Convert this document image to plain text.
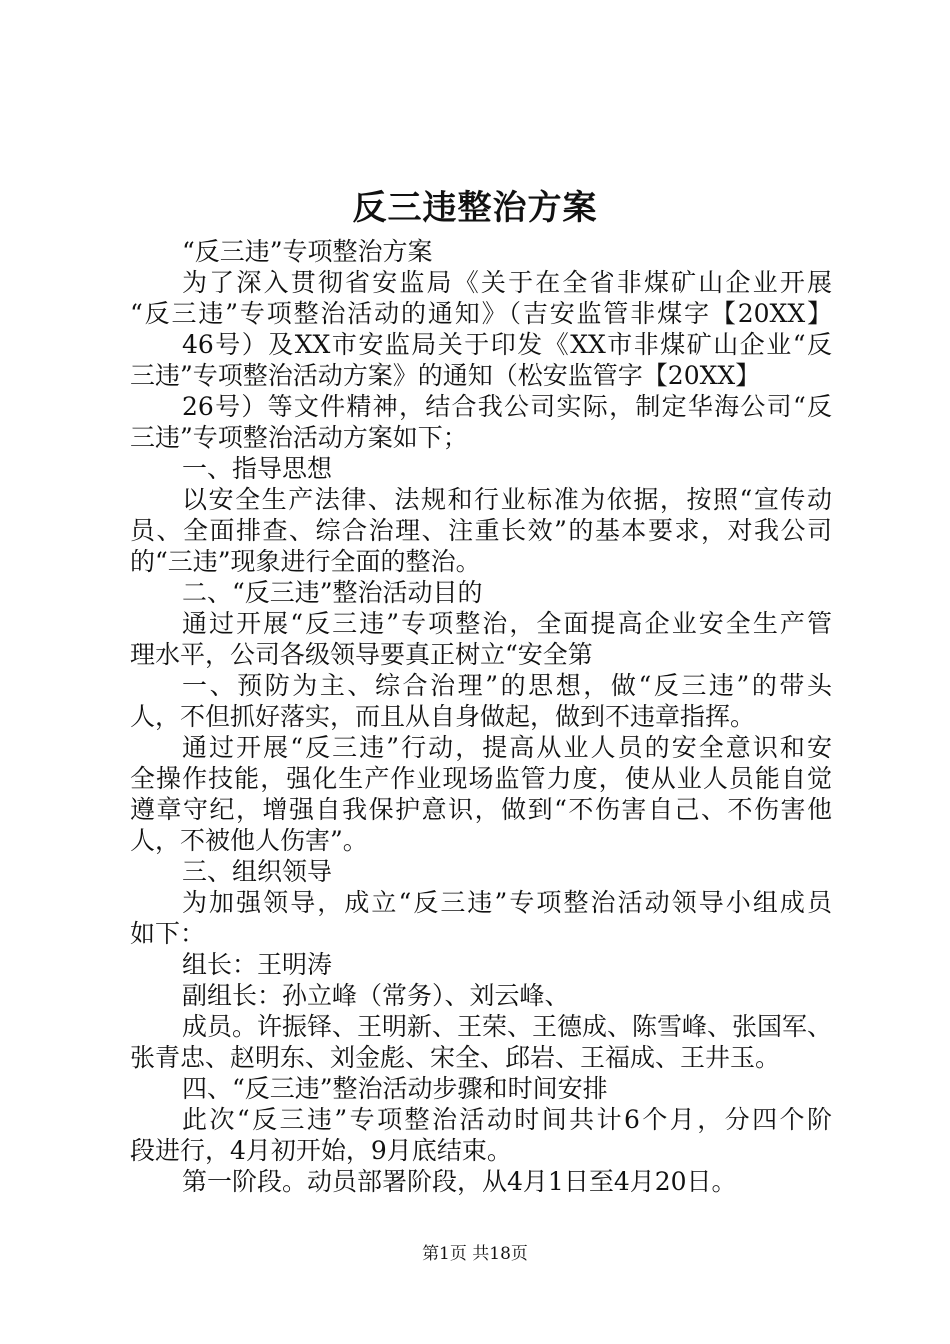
反三违整治方案
“反三违”专项整治方案
为了深入贯彻省安监局《关于在全省非煤矿山企业开展
“反三违”专项整治活动的通知》（吉安监管非煤字【20XX】
46号）及XX市安监局关于印发《XX市非煤矿山企业“反
三违”专项整治活动方案》的通知（松安监管字【20XX】
26号）等文件精神，结合我公司实际，制定华海公司“反
三违”专项整治活动方案如下；
一、指导思想
以安全生产法律、法规和行业标准为依据，按照“宣传动
员、全面排查、综合治理、注重长效”的基本要求，对我公司
的“三违”现象进行全面的整治。
二、“反三违”整治活动目的
通过开展“反三违”专项整治，全面提高企业安全生产管
理水平，公司各级领导要真正树立“安全第
一、预防为主、综合治理”的思想，做“反三违”的带头
人，不但抓好落实，而且从自身做起，做到不违章指挥。
通过开展“反三违”行动，提高从业人员的安全意识和安
全操作技能，强化生产作业现场监管力度，使从业人员能自觉
遵章守纪，增强自我保护意识，做到“不伤害自己、不伤害他
人，不被他人伤害”。
三、组织领导
为加强领导，成立“反三违”专项整治活动领导小组成员
如下：
组长：王明涛
副组长：孙立峰（常务）、刘云峰、
成员。许振铎、王明新、王荣、王德成、陈雪峰、张国军、
张青忠、赵明东、刘金彪、宋全、邱岩、王福成、王井玉。
四、“反三违”整治活动步骤和时间安排
此次“反三违”专项整治活动时间共计6个月，分四个阶
段进行，4月初开始，9月底结束。
第一阶段。动员部署阶段，从4月1日至4月20日。
第1页 共18页
